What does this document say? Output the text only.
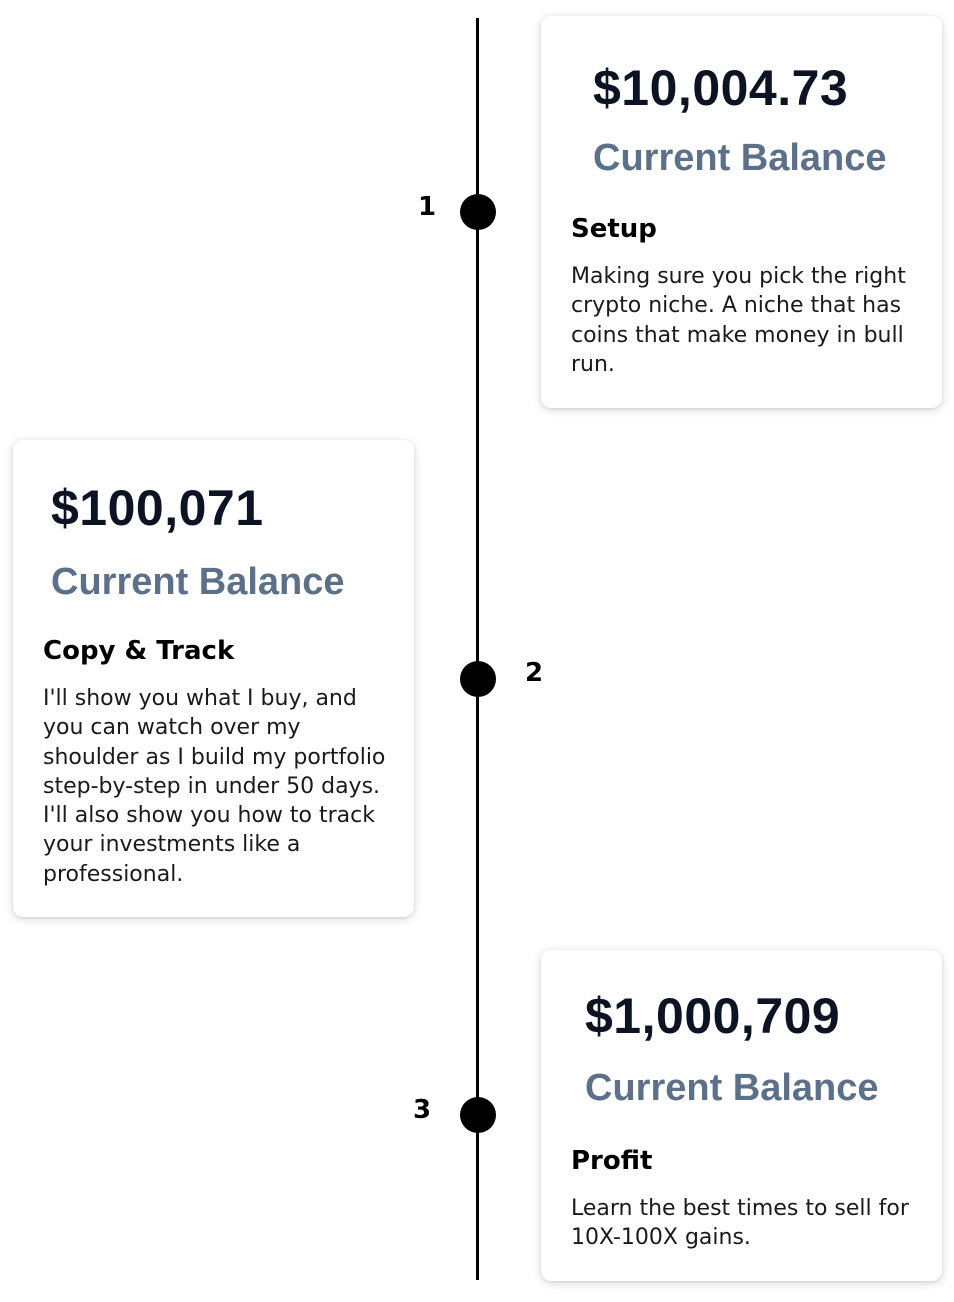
1
$10,004.73
Current Balance
Setup

Making sure you pick the right crypto niche. A niche that has coins that make money in bull run.

$100,071
Current Balance
Copy & Track

I'll show you what I buy, and you can watch over my shoulder as I build my portfolio step-by-step in under 50 days. I'll also show you how to track your investments like a professional.

2
3
$1,000,709
Current Balance
Profit

Learn the best times to sell for 10X-100X gains.
